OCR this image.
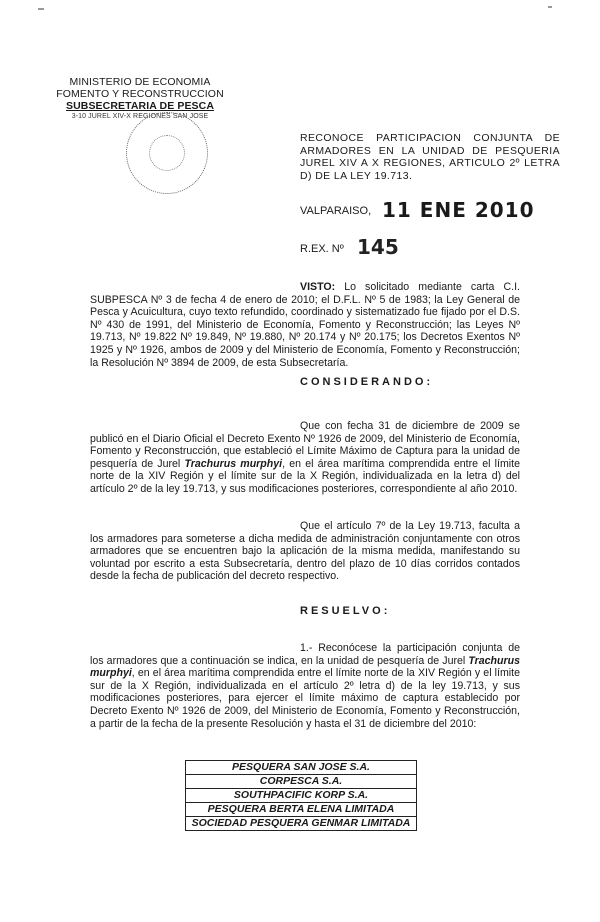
MINISTERIO DE ECONOMIA
FOMENTO Y RECONSTRUCCION
SUBSECRETARIA DE PESCA
3-10 JUREL XIV-X REGIONES SAN JOSE
RECONOCE PARTICIPACION CONJUNTA DE ARMADORES EN LA UNIDAD DE PESQUERIA JUREL XIV A X REGIONES, ARTICULO 2º LETRA D) DE LA LEY 19.713.
VALPARAISO, 11 ENE 2010
R.EX. Nº 145
VISTO: Lo solicitado mediante carta C.I. SUBPESCA Nº 3 de fecha 4 de enero de 2010; el D.F.L. Nº 5 de 1983; la Ley General de Pesca y Acuicultura, cuyo texto refundido, coordinado y sistematizado fue fijado por el D.S. Nº 430 de 1991, del Ministerio de Economía, Fomento y Reconstrucción; las Leyes Nº 19.713, Nº 19.822 Nº 19.849, Nº 19.880, Nº 20.174 y Nº 20.175; los Decretos Exentos Nº 1925 y Nº 1926, ambos de 2009 y del Ministerio de Economía, Fomento y Reconstrucción; la Resolución Nº 3894 de 2009, de esta Subsecretaría.
CONSIDERANDO:
Que con fecha 31 de diciembre de 2009 se publicó en el Diario Oficial el Decreto Exento Nº 1926 de 2009, del Ministerio de Economía, Fomento y Reconstrucción, que estableció el Límite Máximo de Captura para la unidad de pesquería de Jurel Trachurus murphyi, en el área marítima comprendida entre el límite norte de la XIV Región y el límite sur de la X Región, individualizada en la letra d) del artículo 2º de la ley 19.713, y sus modificaciones posteriores, correspondiente al año 2010.
Que el artículo 7º de la Ley 19.713, faculta a los armadores para someterse a dicha medida de administración conjuntamente con otros armadores que se encuentren bajo la aplicación de la misma medida, manifestando su voluntad por escrito a esta Subsecretaría, dentro del plazo de 10 días corridos contados desde la fecha de publicación del decreto respectivo.
RESUELVO:
1.- Reconócese la participación conjunta de los armadores que a continuación se indica, en la unidad de pesquería de Jurel Trachurus murphyi, en el área marítima comprendida entre el límite norte de la XIV Región y el límite sur de la X Región, individualizada en el artículo 2º letra d) de la ley 19.713, y sus modificaciones posteriores, para ejercer el límite máximo de captura establecido por Decreto Exento Nº 1926 de 2009, del Ministerio de Economía, Fomento y Reconstrucción, a partir de la fecha de la presente Resolución y hasta el 31 de diciembre del 2010:
PESQUERA SAN JOSE S.A.
CORPESCA S.A.
SOUTHPACIFIC KORP S.A.
PESQUERA BERTA ELENA LIMITADA
SOCIEDAD PESQUERA GENMAR LIMITADA
